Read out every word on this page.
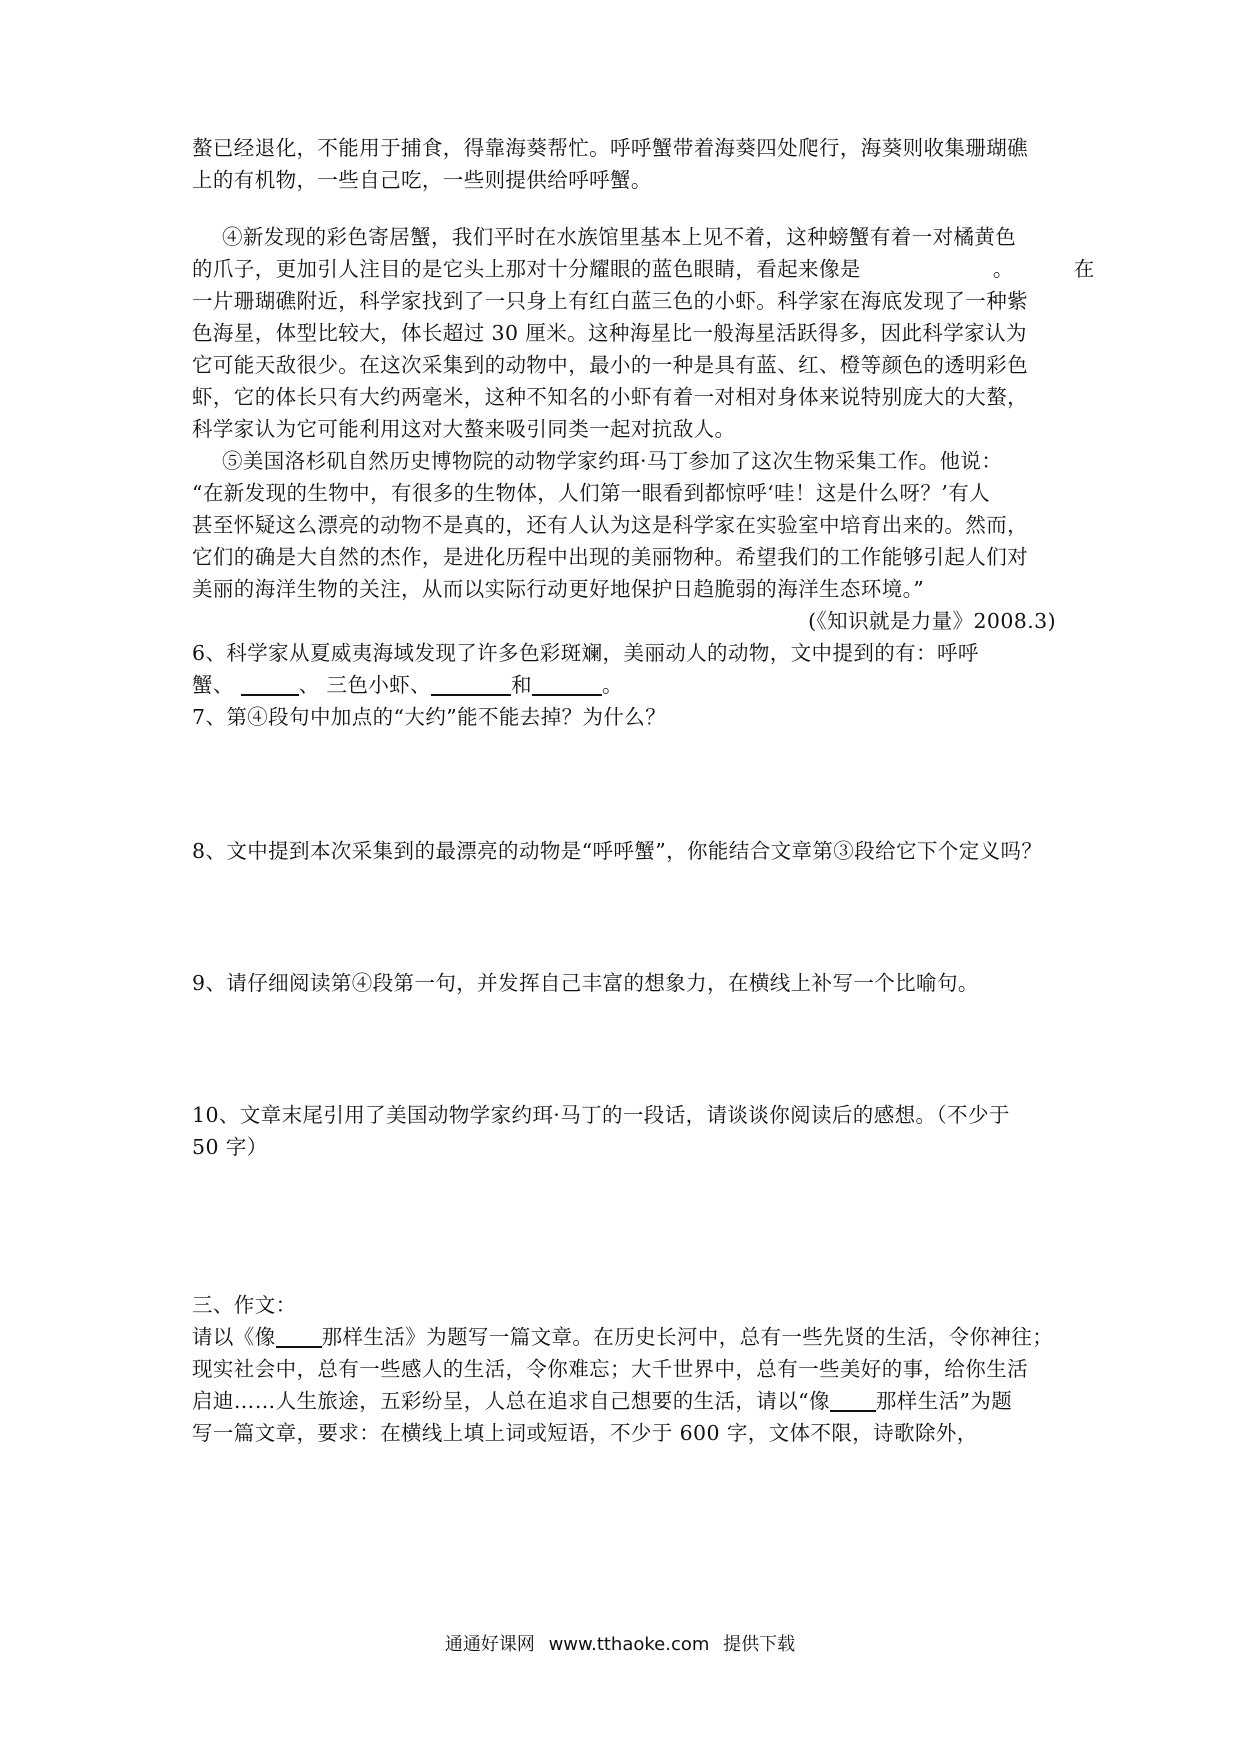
螯已经退化，不能用于捕食，得靠海葵帮忙。呼呼蟹带着海葵四处爬行，海葵则收集珊瑚礁
上的有机物，一些自己吃，一些则提供给呼呼蟹。
④新发现的彩色寄居蟹，我们平时在水族馆里基本上见不着，这种螃蟹有着一对橘黄色
的爪子，更加引人注目的是它头上那对十分耀眼的蓝色眼睛，看起来像是	。	在
一片珊瑚礁附近，科学家找到了一只身上有红白蓝三色的小虾。科学家在海底发现了一种紫
色海星，体型比较大，体长超过 30 厘米。这种海星比一般海星活跃得多，因此科学家认为
它可能天敌很少。在这次采集到的动物中，最小的一种是具有蓝、红、橙等颜色的透明彩色
虾，它的体长只有大约两毫米，这种不知名的小虾有着一对相对身体来说特别庞大的大螯，
科学家认为它可能利用这对大螯来吸引同类一起对抗敌人。
⑤美国洛杉矶自然历史博物院的动物学家约珥·马丁参加了这次生物采集工作。他说：
“在新发现的生物中，有很多的生物体，人们第一眼看到都惊呼‘哇！这是什么呀？’有人
甚至怀疑这么漂亮的动物不是真的，还有人认为这是科学家在实验室中培育出来的。然而，
它们的确是大自然的杰作，是进化历程中出现的美丽物种。希望我们的工作能够引起人们对
美丽的海洋生物的关注，从而以实际行动更好地保护日趋脆弱的海洋生态环境。”
(《知识就是力量》2008.3)
6、科学家从夏威夷海域发现了许多色彩斑斓，美丽动人的动物，文中提到的有：呼呼
蟹、	、 三色小虾、	和	。
7、第④段句中加点的“大约”能不能去掉？为什么？
8、文中提到本次采集到的最漂亮的动物是“呼呼蟹”，你能结合文章第③段给它下个定义吗？
9、请仔细阅读第④段第一句，并发挥自己丰富的想象力，在横线上补写一个比喻句。
10、文章末尾引用了美国动物学家约珥·马丁的一段话，请谈谈你阅读后的感想。（不少于
50 字）
三、作文：
请以《像 那样生活》为题写一篇文章。在历史长河中，总有一些先贤的生活，令你神往；
现实社会中，总有一些感人的生活，令你难忘；大千世界中，总有一些美好的事，给你生活
启迪……人生旅途，五彩纷呈，人总在追求自己想要的生活，请以“像 那样生活”为题
写一篇文章，要求：在横线上填上词或短语，不少于 600 字，文体不限，诗歌除外，
通通好课网 www.tthaoke.com 提供下载
